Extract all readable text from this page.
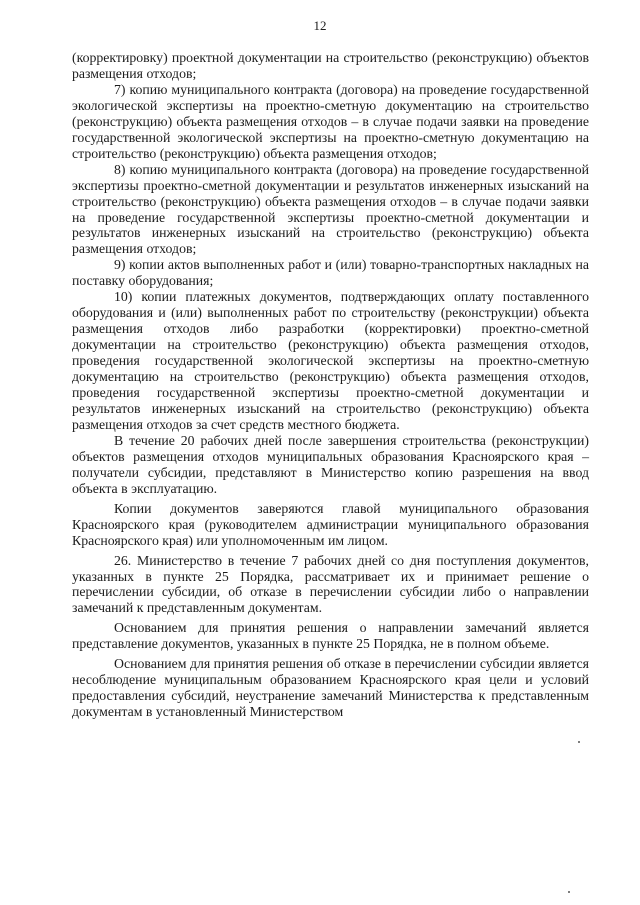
12

(корректировку) проектной документации на строительство (реконструкцию) объектов размещения отходов;

7) копию муниципального контракта (договора) на проведение государственной экологической экспертизы на проектно-сметную документацию на строительство (реконструкцию) объекта размещения отходов – в случае подачи заявки на проведение государственной экологической экспертизы на проектно-сметную документацию на строительство (реконструкцию) объекта размещения отходов;

8) копию муниципального контракта (договора) на проведение государственной экспертизы проектно-сметной документации и результатов инженерных изысканий на строительство (реконструкцию) объекта размещения отходов – в случае подачи заявки на проведение государственной экспертизы проектно-сметной документации и результатов инженерных изысканий на строительство (реконструкцию) объекта размещения отходов;

9) копии актов выполненных работ и (или) товарно-транспортных накладных на поставку оборудования;

10) копии платежных документов, подтверждающих оплату поставленного оборудования и (или) выполненных работ по строительству (реконструкции) объекта размещения отходов либо разработки (корректировки) проектно-сметной документации на строительство (реконструкцию) объекта размещения отходов, проведения государственной экологической экспертизы на проектно-сметную документацию на строительство (реконструкцию) объекта размещения отходов, проведения государственной экспертизы проектно-сметной документации и результатов инженерных изысканий на строительство (реконструкцию) объекта размещения отходов за счет средств местного бюджета.

В течение 20 рабочих дней после завершения строительства (реконструкции) объектов размещения отходов муниципальных образования Красноярского края – получатели субсидии, представляют в Министерство копию разрешения на ввод объекта в эксплуатацию.

Копии документов заверяются главой муниципального образования Красноярского края (руководителем администрации муниципального образования Красноярского края) или уполномоченным им лицом.

26. Министерство в течение 7 рабочих дней со дня поступления документов, указанных в пункте 25 Порядка, рассматривает их и принимает решение о перечислении субсидии, об отказе в перечислении субсидии либо о направлении замечаний к представленным документам.

Основанием для принятия решения о направлении замечаний является представление документов, указанных в пункте 25 Порядка, не в полном объеме.

Основанием для принятия решения об отказе в перечислении субсидии является несоблюдение муниципальным образованием Красноярского края цели и условий предоставления субсидий, неустранение замечаний Министерства к представленным документам в установленный Министерством
